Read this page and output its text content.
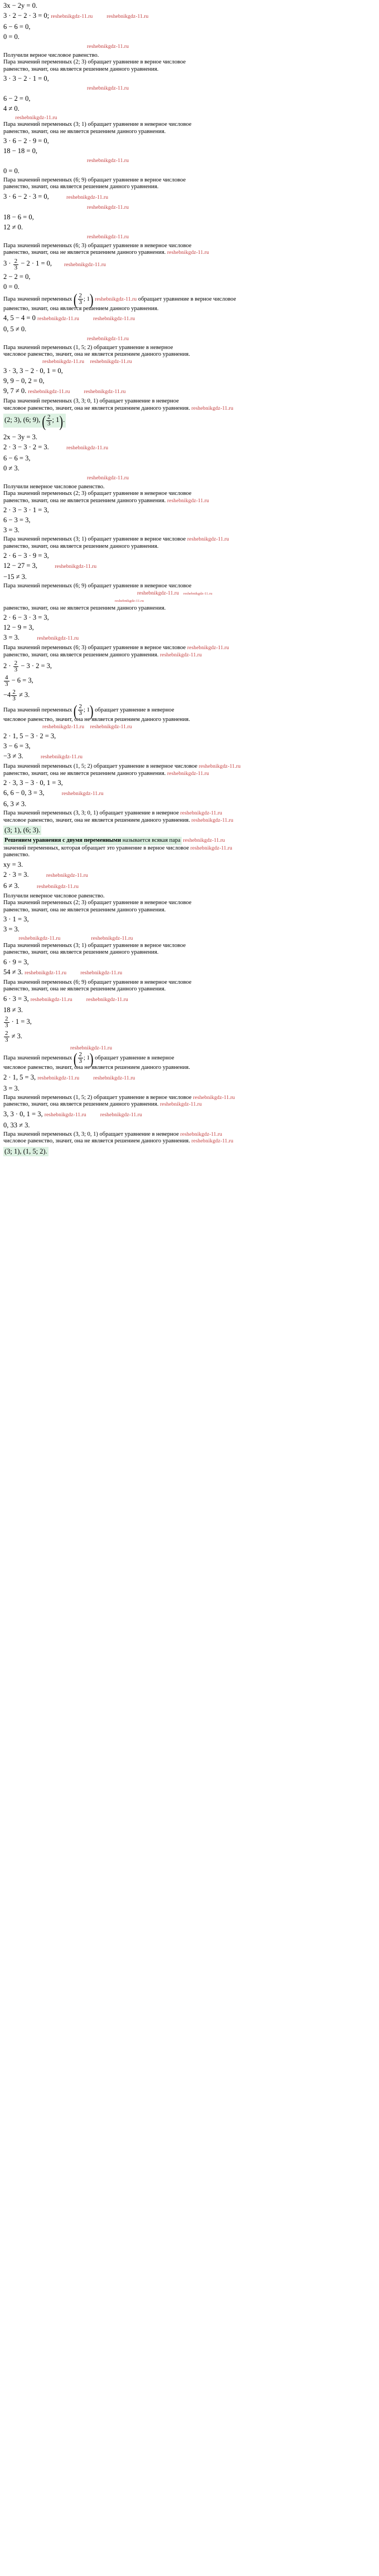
3x − 2y = 0.
3 · 2 − 2 · 3 = 0; reshebnikgdz-11.ru	reshebnikgdz-11.ru
6 − 6 = 0,
0 = 0.
reshebnikgdz-11.ru
Получили верное числовое равенство.
Пара значений переменных (2; 3) обращает уравнение в верное числовое
равенство, значит, она является решением данного уравнения.
3 · 3 − 2 · 1 = 0,
reshebnikgdz-11.ru
6 − 2 = 0,
4 ≠ 0.
reshebnikgdz-11.ru
Пара значений переменных (3; 1) обращает уравнение в неверное числовое
равенство, значит, она не является решением данного уравнения.
3 · 6 − 2 · 9 = 0,
18 − 18 = 0,
reshebnikgdz-11.ru
0 = 0.
Пара значений переменных (6; 9) обращает уравнение в верное числовое
равенство, значит, она является решением данного уравнения.
3 · 6 − 2 · 3 = 0,	reshebnikgdz-11.ru
reshebnikgdz-11.ru
18 − 6 = 0,
12 ≠ 0.
reshebnikgdz-11.ru
Пара значений переменных (6; 3) обращает уравнение в неверное числовое
равенство, значит, она не является решением данного уравнения. reshebnikgdz-11.ru
$3 \cdot \frac{2}{3} - 2 \cdot 1 = 0$, reshebnikgdz-11.ru
2 − 2 = 0,
0 = 0.
Пара значений переменных ( $\frac{2}{3}$ ; 1) reshebnikgdz-11.ru обращает уравнение в верное числовое

равенство, значит, она является решением данного уравнения.
4, 5 − 4 = 0 reshebnikgdz-11.ru	reshebnikgdz-11.ru
0, 5 ≠ 0.
reshebnikgdz-11.ru
Пара значений переменных (1, 5; 2) обращает уравнение в неверное
числовое равенство, значит, она не является решением данного уравнения.
reshebnikgdz-11.ru reshebnikgdz-11.ru
3 · 3, 3 − 2 · 0, 1 = 0,
9, 9 − 0, 2 = 0,
9, 7 ≠ 0. reshebnikgdz-11.ru	reshebnikgdz-11.ru
Пара значений переменных (3, 3; 0, 1) обращает уравнение в неверное
числовое равенство, значит, она не является решением данного уравнения. reshebnikgdz-11.ru
(2; 3), (6; 9), ( $\frac{2}{3}$ ; 1).
2x − 3y = 3.
2 · 3 − 3 · 2 = 3.	reshebnikgdz-11.ru
6 − 6 = 3,
0 ≠ 3.
reshebnikgdz-11.ru
Получили неверное числовое равенство.
Пара значений переменных (2; 3) обращает уравнение в неверное числовое
равенство, значит, она не является решением данного уравнения. reshebnikgdz-11.ru
2 · 3 − 3 · 1 = 3,
6 − 3 = 3,
3 = 3.
Пара значений переменных (3; 1) обращает уравнение в верное числовое reshebnikgdz-11.ru
равенство, значит, она является решением данного уравнения.
2 · 6 − 3 · 9 = 3,
12 − 27 = 3,	reshebnikgdz-11.ru
−15 ≠ 3.
Пара значений переменных (6; 9) обращает уравнение в неверное числовое
reshebnikgdz-11.ru reshebnikgdz-11.ru
reshebnikgdz-11.ru
равенство, значит, она не является решением данного уравнения.
2 · 6 − 3 · 3 = 3,
12 − 9 = 3,
3 = 3.	reshebnikgdz-11.ru
Пара значений переменных (6; 3) обращает уравнение в верное числовое reshebnikgdz-11.ru
равенство, значит, она является решением данного уравнения. reshebnikgdz-11.ru
$2 \cdot \frac{2}{3} - 3 \cdot 2 = 3$,
$\frac{4}{3} - 6 = 3$,
$-4 \frac{2}{3} \ne 3$.
Пара значений переменных ( $\frac{2}{3}$ ; 1) обращает уравнение в неверное
числовое равенство, значит, она не является решением данного уравнения.
reshebnikgdz-11.ru reshebnikgdz-11.ru
2 · 1, 5 − 3 · 2 = 3,
3 − 6 = 3,
−3 ≠ 3.	reshebnikgdz-11.ru
Пара значений переменных (1, 5; 2) обращает уравнение в неверное числовое reshebnikgdz-11.ru
равенство, значит, она не является решением данного уравнения. reshebnikgdz-11.ru
2 · 3, 3 − 3 · 0, 1 = 3,
6, 6 − 0, 3 = 3,	reshebnikgdz-11.ru
6, 3 ≠ 3.
Пара значений переменных (3, 3; 0, 1) обращает уравнение в неверное reshebnikgdz-11.ru
числовое равенство, значит, она не является решением данного уравнения. reshebnikgdz-11.ru
(3; 1), (6; 3).
Решением уравнения с двумя переменными называется всякая пара reshebnikgdz-11.ru
значений переменных, которая обращает это уравнение в верное числовое reshebnikgdz-11.ru
равенство.
xy = 3.
2 · 3 = 3.	reshebnikgdz-11.ru
6 ≠ 3.	reshebnikgdz-11.ru
Получили неверное числовое равенство.
Пара значений переменных (2; 3) обращает уравнение в неверное числовое
равенство, значит, она не является решением данного уравнения.
3 · 1 = 3,
3 = 3.
reshebnikgdz-11.ru	reshebnikgdz-11.ru
Пара значений переменных (3; 1) обращает уравнение в верное числовое
равенство, значит, она является решением данного уравнения.
6 · 9 = 3,
54 ≠ 3. reshebnikgdz-11.ru	reshebnikgdz-11.ru
Пара значений переменных (6; 9) обращает уравнение в неверное числовое
равенство, значит, она не является решением данного уравнения.
6 · 3 = 3, reshebnikgdz-11.ru	reshebnikgdz-11.ru
18 ≠ 3.
$\frac{2}{3} \cdot 1 = 3$,
$\frac{2}{3} \ne 3$.
reshebnikgdz-11.ru
Пара значений переменных ( $\frac{2}{3}$ ; 1) обращает уравнение в неверное
числовое равенство, значит, она не является решением данного уравнения.
2 · 1, 5 = 3, reshebnikgdz-11.ru	reshebnikgdz-11.ru
3 = 3.
Пара значений переменных (1, 5; 2) обращает уравнение в верное числовое reshebnikgdz-11.ru
равенство, значит, она является решением данного уравнения. reshebnikgdz-11.ru
3, 3 · 0, 1 = 3, reshebnikgdz-11.ru	reshebnikgdz-11.ru
0, 33 ≠ 3.
Пара значений переменных (3, 3; 0, 1) обращает уравнение в неверное reshebnikgdz-11.ru
числовое равенство, значит, она не является решением данного уравнения. reshebnikgdz-11.ru
(3; 1), (1, 5; 2).
